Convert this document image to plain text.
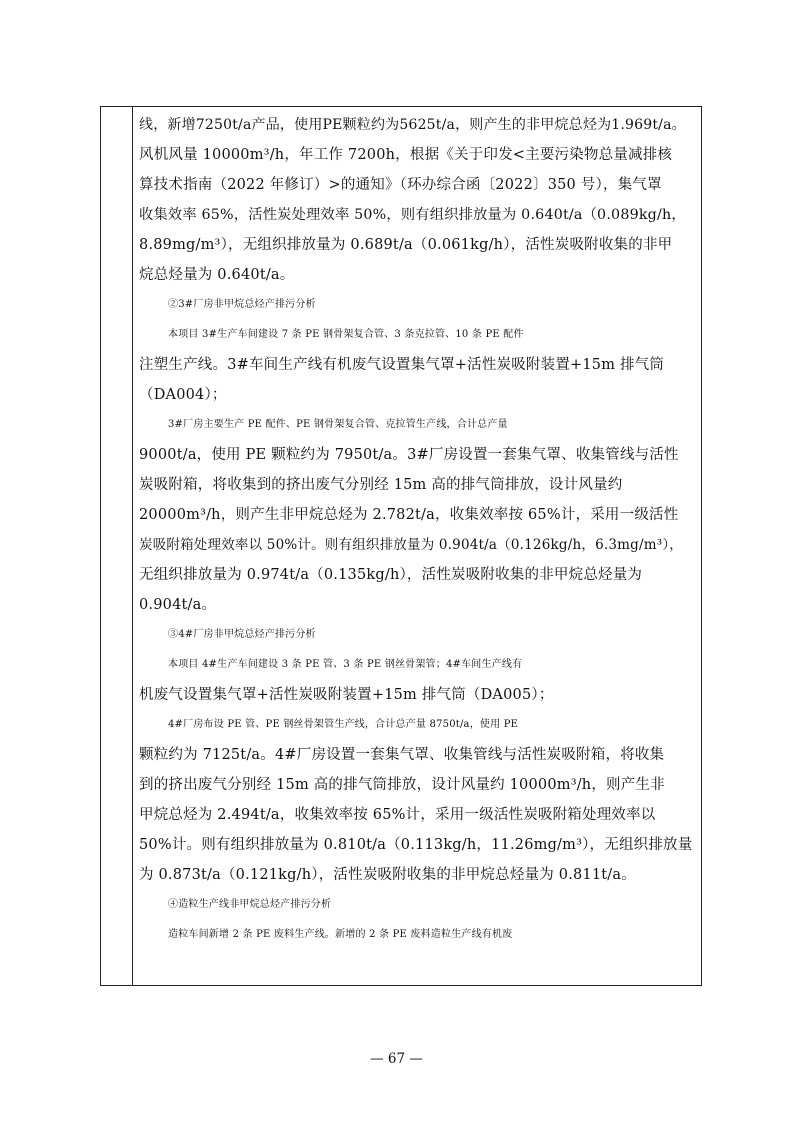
线，新增7250t/a产品，使用PE颗粒约为5625t/a，则产生的非甲烷总烃为1.969t/a。
风机风量 10000m³/h，年工作 7200h，根据《关于印发<主要污染物总量减排核
算技术指南（2022 年修订）>的通知》（环办综合函〔2022〕350 号），集气罩
收集效率 65%，活性炭处理效率 50%，则有组织排放量为 0.640t/a（0.089kg/h，
8.89mg/m³），无组织排放量为 0.689t/a（0.061kg/h），活性炭吸附收集的非甲
烷总烃量为 0.640t/a。
②3#厂房非甲烷总烃产排污分析
本项目 3#生产车间建设 7 条 PE 钢骨架复合管、3 条克拉管、10 条 PE 配件
注塑生产线。3#车间生产线有机废气设置集气罩+活性炭吸附装置+15m 排气筒
（DA004）；
3#厂房主要生产 PE 配件、PE 钢骨架复合管、克拉管生产线，合计总产量
9000t/a，使用 PE 颗粒约为 7950t/a。3#厂房设置一套集气罩、收集管线与活性
炭吸附箱，将收集到的挤出废气分别经 15m 高的排气筒排放，设计风量约
20000m³/h，则产生非甲烷总烃为 2.782t/a，收集效率按 65%计，采用一级活性
炭吸附箱处理效率以 50%计。则有组织排放量为 0.904t/a（0.126kg/h，6.3mg/m³），
无组织排放量为 0.974t/a（0.135kg/h），活性炭吸附收集的非甲烷总烃量为
0.904t/a。
③4#厂房非甲烷总烃产排污分析
本项目 4#生产车间建设 3 条 PE 管、3 条 PE 钢丝骨架管；4#车间生产线有
机废气设置集气罩+活性炭吸附装置+15m 排气筒（DA005）；
4#厂房布设 PE 管、PE 钢丝骨架管生产线，合计总产量 8750t/a，使用 PE
颗粒约为 7125t/a。4#厂房设置一套集气罩、收集管线与活性炭吸附箱，将收集
到的挤出废气分别经 15m 高的排气筒排放，设计风量约 10000m³/h，则产生非
甲烷总烃为 2.494t/a，收集效率按 65%计，采用一级活性炭吸附箱处理效率以
50%计。则有组织排放量为 0.810t/a（0.113kg/h，11.26mg/m³），无组织排放量
为 0.873t/a（0.121kg/h），活性炭吸附收集的非甲烷总烃量为 0.811t/a。
④造粒生产线非甲烷总烃产排污分析
造粒车间新增 2 条 PE 废料生产线。新增的 2 条 PE 废料造粒生产线有机废
— 67 —
